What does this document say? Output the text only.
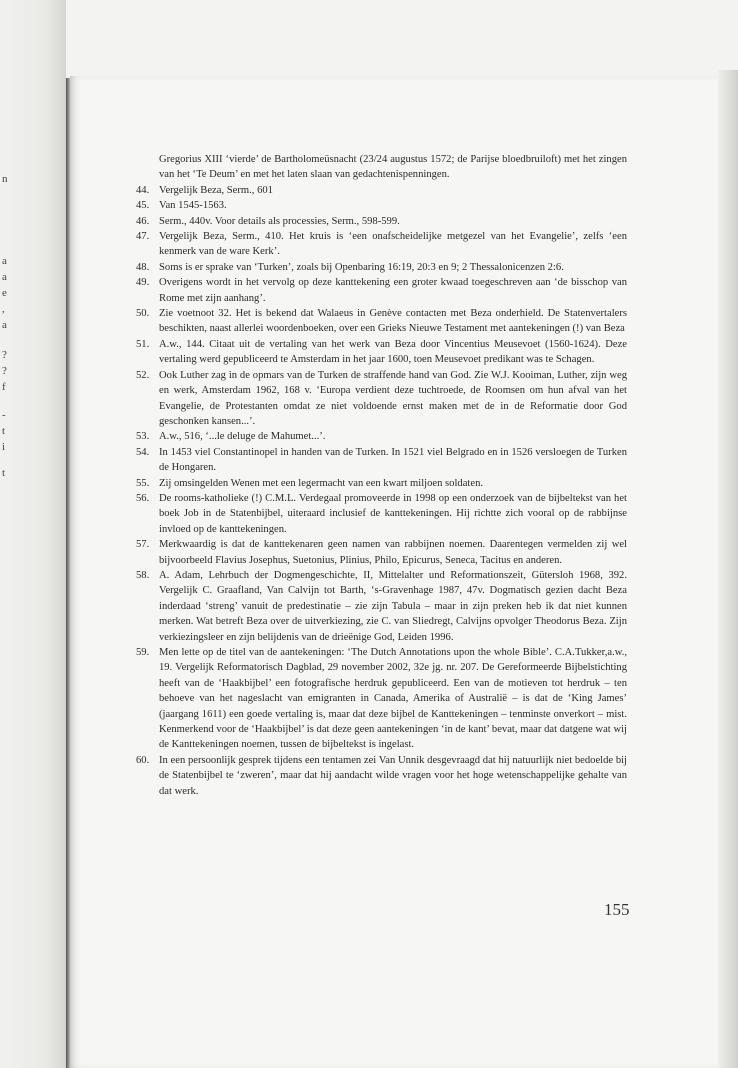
n
a
a
e
,
a
?
?
f
-
t
i
t
Gregorius XIII ‘vierde’ de Bartholomeüsnacht (23/24 augustus 1572; de Parijse bloedbruiloft) met het zingen van het ‘Te Deum’ en met het laten slaan van gedachtenispenningen.
44. Vergelijk Beza, Serm., 601
45. Van 1545-1563.
46. Serm., 440v. Voor details als processies, Serm., 598-599.
47. Vergelijk Beza, Serm., 410. Het kruis is ‘een onafscheidelijke metgezel van het Evangelie’, zelfs ‘een kenmerk van de ware Kerk’.
48. Soms is er sprake van ‘Turken’, zoals bij Openbaring 16:19, 20:3 en 9; 2 Thessalonicenzen 2:6.
49. Overigens wordt in het vervolg op deze kanttekening een groter kwaad toegeschreven aan ‘de bisschop van Rome met zijn aanhang’.
50. Zie voetnoot 32. Het is bekend dat Walaeus in Genève contacten met Beza onderhield. De Statenvertalers beschikten, naast allerlei woordenboeken, over een Grieks Nieuwe Testament met aantekeningen (!) van Beza
51. A.w., 144. Citaat uit de vertaling van het werk van Beza door Vincentius Meusevoet (1560-1624). Deze vertaling werd gepubliceerd te Amsterdam in het jaar 1600, toen Meusevoet predikant was te Schagen.
52. Ook Luther zag in de opmars van de Turken de straffende hand van God. Zie W.J. Kooiman, Luther, zijn weg en werk, Amsterdam 1962, 168 v. ‘Europa verdient deze tuchtroede, de Roomsen om hun afval van het Evangelie, de Protestanten omdat ze niet voldoende ernst maken met de in de Reformatie door God geschonken kansen...’.
53. A.w., 516, ‘...le deluge de Mahumet...’.
54. In 1453 viel Constantinopel in handen van de Turken. In 1521 viel Belgrado en in 1526 versloegen de Turken de Hongaren.
55. Zij omsingelden Wenen met een legermacht van een kwart miljoen soldaten.
56. De rooms-katholieke (!) C.M.L. Verdegaal promoveerde in 1998 op een onderzoek van de bijbeltekst van het boek Job in de Statenbijbel, uiteraard inclusief de kanttekeningen. Hij richtte zich vooral op de rabbijnse invloed op de kanttekeningen.
57. Merkwaardig is dat de kanttekenaren geen namen van rabbijnen noemen. Daarentegen vermelden zij wel bijvoorbeeld Flavius Josephus, Suetonius, Plinius, Philo, Epicurus, Seneca, Tacitus en anderen.
58. A. Adam, Lehrbuch der Dogmengeschichte, II, Mittelalter und Reformationszeit, Gütersloh 1968, 392. Vergelijk C. Graafland, Van Calvijn tot Barth, ‘s-Gravenhage 1987, 47v. Dogmatisch gezien dacht Beza inderdaad ‘streng’ vanuit de predestinatie – zie zijn Tabula – maar in zijn preken heb ik dat niet kunnen merken. Wat betreft Beza over de uitverkiezing, zie C. van Sliedregt, Calvijns opvolger Theodorus Beza. Zijn verkiezingsleer en zijn belijdenis van de drieënige God, Leiden 1996.
59. Men lette op de titel van de aantekeningen: ‘The Dutch Annotations upon the whole Bible’. C.A.Tukker,a.w., 19. Vergelijk Reformatorisch Dagblad, 29 november 2002, 32e jg. nr. 207. De Gereformeerde Bijbelstichting heeft van de ‘Haakbijbel’ een fotografische herdruk gepubliceerd. Een van de motieven tot herdruk – ten behoeve van het nageslacht van emigranten in Canada, Amerika of Australië – is dat de ‘King James’ (jaargang 1611) een goede vertaling is, maar dat deze bijbel de Kanttekeningen – tenminste onverkort – mist. Kenmerkend voor de ‘Haakbijbel’ is dat deze geen aantekeningen ‘in de kant’ bevat, maar dat datgene wat wij de Kanttekeningen noemen, tussen de bijbeltekst is ingelast.
60. In een persoonlijk gesprek tijdens een tentamen zei Van Unnik desgevraagd dat hij natuurlijk niet bedoelde bij de Statenbijbel te ‘zweren’, maar dat hij aandacht wilde vragen voor het hoge wetenschappelijke gehalte van dat werk.
155
